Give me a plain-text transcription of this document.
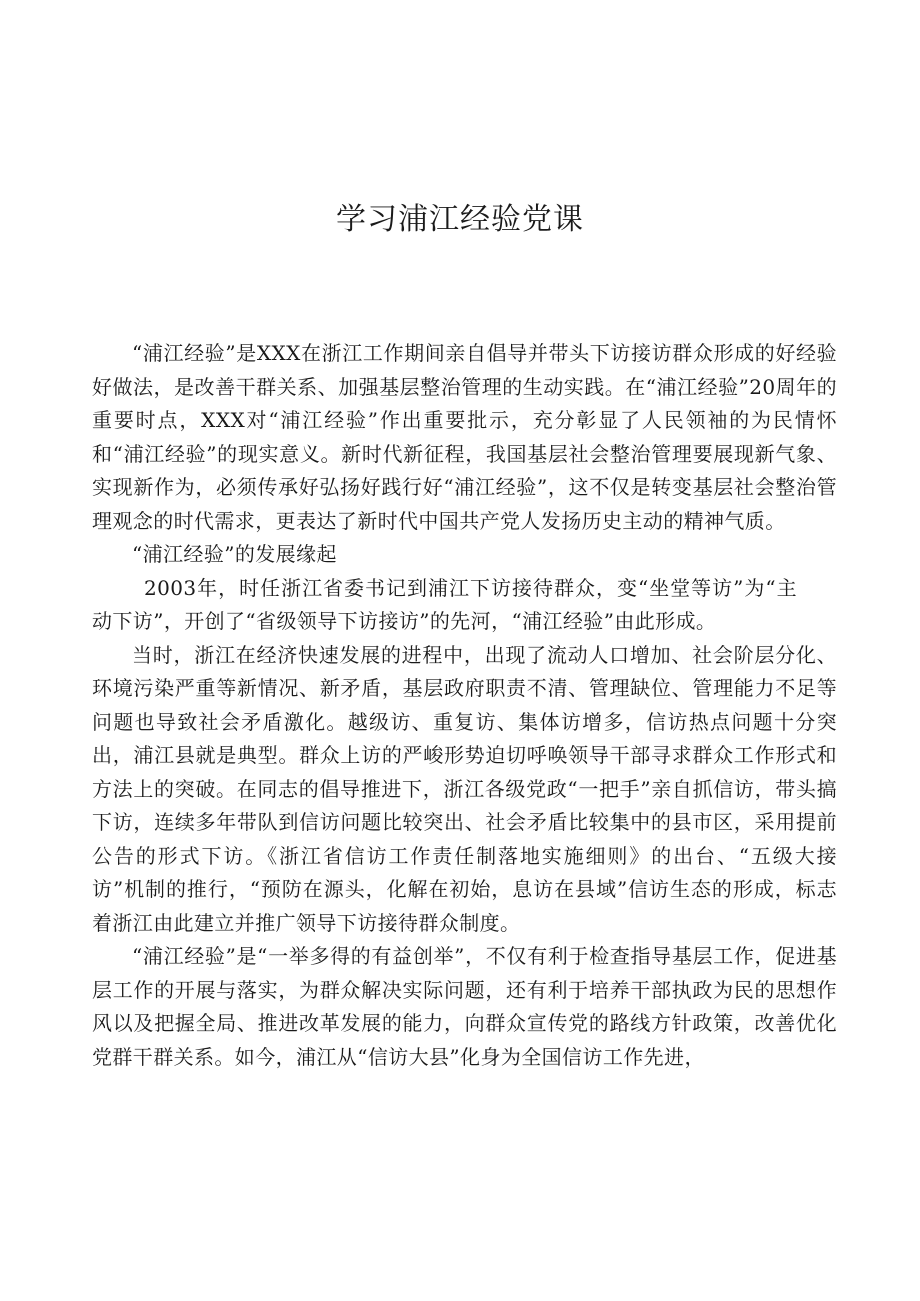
学习浦江经验党课

“浦江经验”是XXX在浙江工作期间亲自倡导并带头下访接访群众形成的好经验好做法，是改善干群关系、加强基层整治管理的生动实践。在“浦江经验”20周年的重要时点，XXX对“浦江经验”作出重要批示，充分彰显了人民领袖的为民情怀和“浦江经验”的现实意义。新时代新征程，我国基层社会整治管理要展现新气象、实现新作为，必须传承好弘扬好践行好“浦江经验”，这不仅是转变基层社会整治管理观念的时代需求，更表达了新时代中国共产党人发扬历史主动的精神气质。

“浦江经验”的发展缘起

2003年，时任浙江省委书记到浦江下访接待群众，变“坐堂等访”为“主动下访”，开创了“省级领导下访接访”的先河，“浦江经验”由此形成。

当时，浙江在经济快速发展的进程中，出现了流动人口增加、社会阶层分化、环境污染严重等新情况、新矛盾，基层政府职责不清、管理缺位、管理能力不足等问题也导致社会矛盾激化。越级访、重复访、集体访增多，信访热点问题十分突出，浦江县就是典型。群众上访的严峻形势迫切呼唤领导干部寻求群众工作形式和方法上的突破。在同志的倡导推进下，浙江各级党政“一把手”亲自抓信访，带头搞下访，连续多年带队到信访问题比较突出、社会矛盾比较集中的县市区，采用提前公告的形式下访。《浙江省信访工作责任制落地实施细则》的出台、“五级大接访”机制的推行，“预防在源头，化解在初始，息访在县域”信访生态的形成，标志着浙江由此建立并推广领导下访接待群众制度。

“浦江经验”是“一举多得的有益创举”，不仅有利于检查指导基层工作，促进基层工作的开展与落实，为群众解决实际问题，还有利于培养干部执政为民的思想作风以及把握全局、推进改革发展的能力，向群众宣传党的路线方针政策，改善优化党群干群关系。如今，浦江从“信访大县”化身为全国信访工作先进，
